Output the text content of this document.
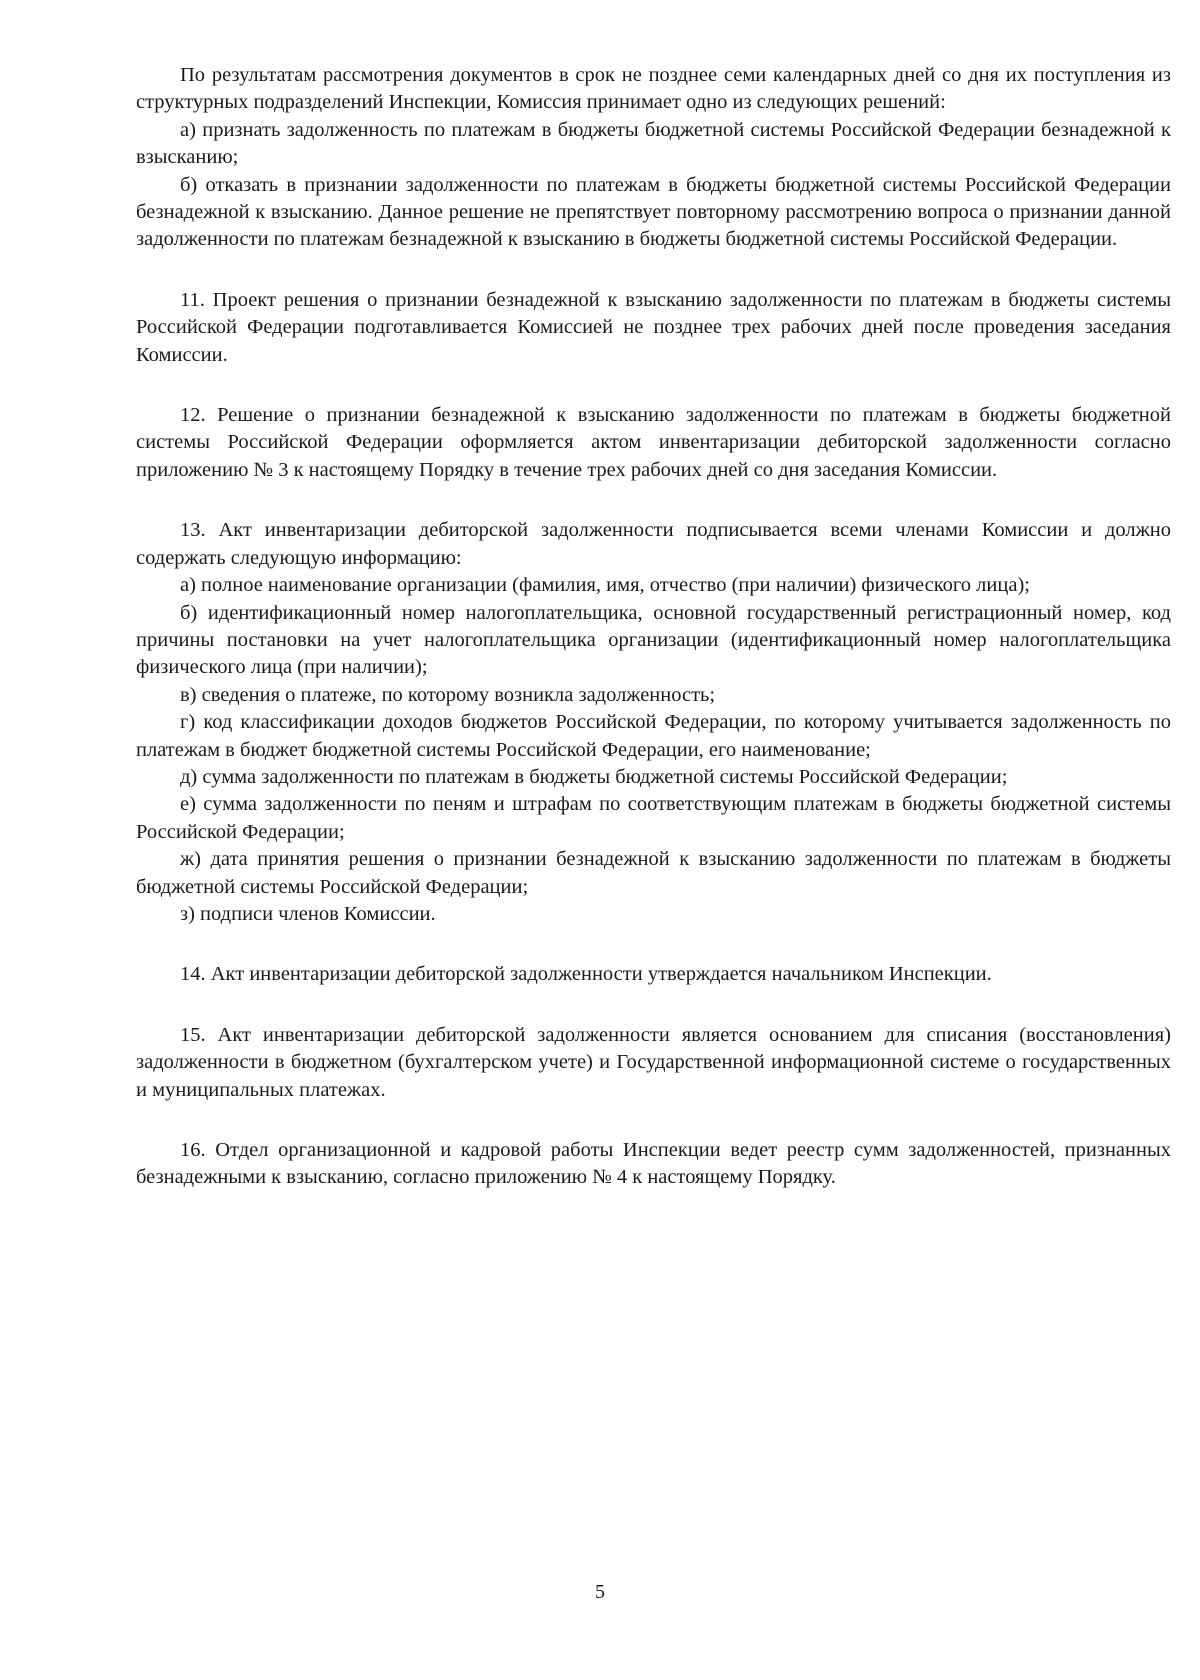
По результатам рассмотрения документов в срок не позднее семи календарных дней со дня их поступления из структурных подразделений Инспекции, Комиссия принимает одно из следующих решений:

а) признать задолженность по платежам в бюджеты бюджетной системы Российской Федерации безнадежной к взысканию;

б) отказать в признании задолженности по платежам в бюджеты бюджетной системы Российской Федерации безнадежной к взысканию. Данное решение не препятствует повторному рассмотрению вопроса о признании данной задолженности по платежам безнадежной к взысканию в бюджеты бюджетной системы Российской Федерации.

11. Проект решения о признании безнадежной к взысканию задолженности по платежам в бюджеты системы Российской Федерации подготавливается Комиссией не позднее трех рабочих дней после проведения заседания Комиссии.

12. Решение о признании безнадежной к взысканию задолженности по платежам в бюджеты бюджетной системы Российской Федерации оформляется актом инвентаризации дебиторской задолженности согласно приложению № 3 к настоящему Порядку в течение трех рабочих дней со дня заседания Комиссии.

13. Акт инвентаризации дебиторской задолженности подписывается всеми членами Комиссии и должно содержать следующую информацию:

а) полное наименование организации (фамилия, имя, отчество (при наличии) физического лица);

б) идентификационный номер налогоплательщика, основной государственный регистрационный номер, код причины постановки на учет налогоплательщика организации (идентификационный номер налогоплательщика физического лица (при наличии);

в) сведения о платеже, по которому возникла задолженность;

г) код классификации доходов бюджетов Российской Федерации, по которому учитывается задолженность по платежам в бюджет бюджетной системы Российской Федерации, его наименование;

д) сумма задолженности по платежам в бюджеты бюджетной системы Российской Федерации;

е) сумма задолженности по пеням и штрафам по соответствующим платежам в бюджеты бюджетной системы Российской Федерации;

ж) дата принятия решения о признании безнадежной к взысканию задолженности по платежам в бюджеты бюджетной системы Российской Федерации;

з) подписи членов Комиссии.

14. Акт инвентаризации дебиторской задолженности утверждается начальником Инспекции.

15. Акт инвентаризации дебиторской задолженности является основанием для списания (восстановления) задолженности в бюджетном (бухгалтерском учете) и Государственной информационной системе о государственных и муниципальных платежах.

16. Отдел организационной и кадровой работы Инспекции ведет реестр сумм задолженностей, признанных безнадежными к взысканию, согласно приложению № 4 к настоящему Порядку.

5
